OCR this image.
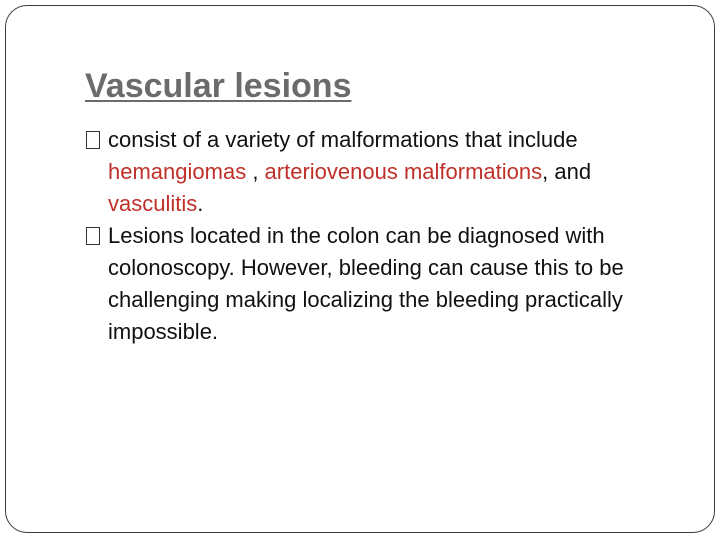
Vascular lesions

consist of a variety of malformations that include hemangiomas , arteriovenous malformations, and vasculitis.

Lesions located in the colon can be diagnosed with colonoscopy. However, bleeding can cause this to be challenging making localizing the bleeding practically impossible.
